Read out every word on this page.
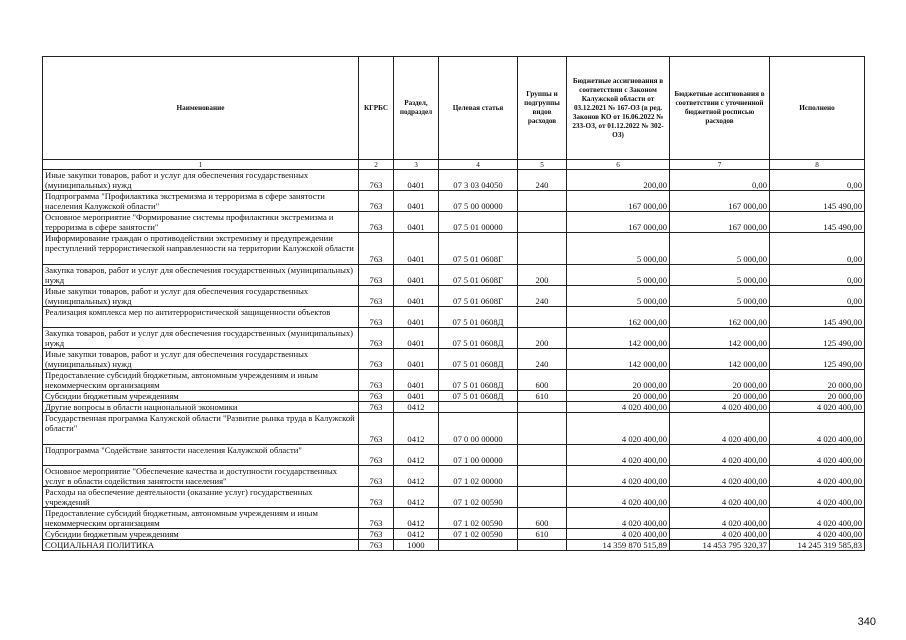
Наименование	КГРБС	Раздел, подраздел	Целевая статья	Группы и подгруппы видов расходов	Бюджетные ассигнования в соответствии с Законом Калужской области от 03.12.2021 № 167-ОЗ (в ред. Законов КО от 16.06.2022 № 233-ОЗ, от 01.12.2022 № 302-ОЗ)	Бюджетные ассигнования в соответствии с уточненной бюджетной росписью расходов	Исполнено
1	2	3	4	5	6	7	8
Иные закупки товаров, работ и услуг для обеспечения государственных (муниципальных) нужд	763	0401	07 3 03 04050	240	200,00	0,00	0,00
Подпрограмма "Профилактика экстремизма и терроризма в сфере занятости населения Калужской области"	763	0401	07 5 00 00000		167 000,00	167 000,00	145 490,00
Основное мероприятие "Формирование системы профилактики экстремизма и терроризма в сфере занятости"	763	0401	07 5 01 00000		167 000,00	167 000,00	145 490,00
Информирование граждан о противодействии экстремизму и предупреждении преступлений террористической направленности на территории Калужской области	763	0401	07 5 01 0608Г		5 000,00	5 000,00	0,00
Закупка товаров, работ и услуг для обеспечения государственных (муниципальных) нужд	763	0401	07 5 01 0608Г	200	5 000,00	5 000,00	0,00
Иные закупки товаров, работ и услуг для обеспечения государственных (муниципальных) нужд	763	0401	07 5 01 0608Г	240	5 000,00	5 000,00	0,00
Реализация комплекса мер по антитеррористической защищенности объектов	763	0401	07 5 01 0608Д		162 000,00	162 000,00	145 490,00
Закупка товаров, работ и услуг для обеспечения государственных (муниципальных) нужд	763	0401	07 5 01 0608Д	200	142 000,00	142 000,00	125 490,00
Иные закупки товаров, работ и услуг для обеспечения государственных (муниципальных) нужд	763	0401	07 5 01 0608Д	240	142 000,00	142 000,00	125 490,00
Предоставление субсидий бюджетным, автономным учреждениям и иным некоммерческим организациям	763	0401	07 5 01 0608Д	600	20 000,00	20 000,00	20 000,00
Субсидии бюджетным учреждениям	763	0401	07 5 01 0608Д	610	20 000,00	20 000,00	20 000,00
Другие вопросы в области национальной экономики	763	0412			4 020 400,00	4 020 400,00	4 020 400,00
Государственная программа Калужской области "Развитие рынка труда в Калужской области"	763	0412	07 0 00 00000		4 020 400,00	4 020 400,00	4 020 400,00
Подпрограмма "Содействие занятости населения Калужской области"	763	0412	07 1 00 00000		4 020 400,00	4 020 400,00	4 020 400,00
Основное мероприятие "Обеспечение качества и доступности государственных услуг в области содействия занятости населения"	763	0412	07 1 02 00000		4 020 400,00	4 020 400,00	4 020 400,00
Расходы на обеспечение деятельности (оказание услуг) государственных учреждений	763	0412	07 1 02 00590		4 020 400,00	4 020 400,00	4 020 400,00
Предоставление субсидий бюджетным, автономным учреждениям и иным некоммерческим организациям	763	0412	07 1 02 00590	600	4 020 400,00	4 020 400,00	4 020 400,00
Субсидии бюджетным учреждениям	763	0412	07 1 02 00590	610	4 020 400,00	4 020 400,00	4 020 400,00
СОЦИАЛЬНАЯ ПОЛИТИКА	763	1000			14 359 870 515,89	14 453 795 320,37	14 245 319 585,83
340
